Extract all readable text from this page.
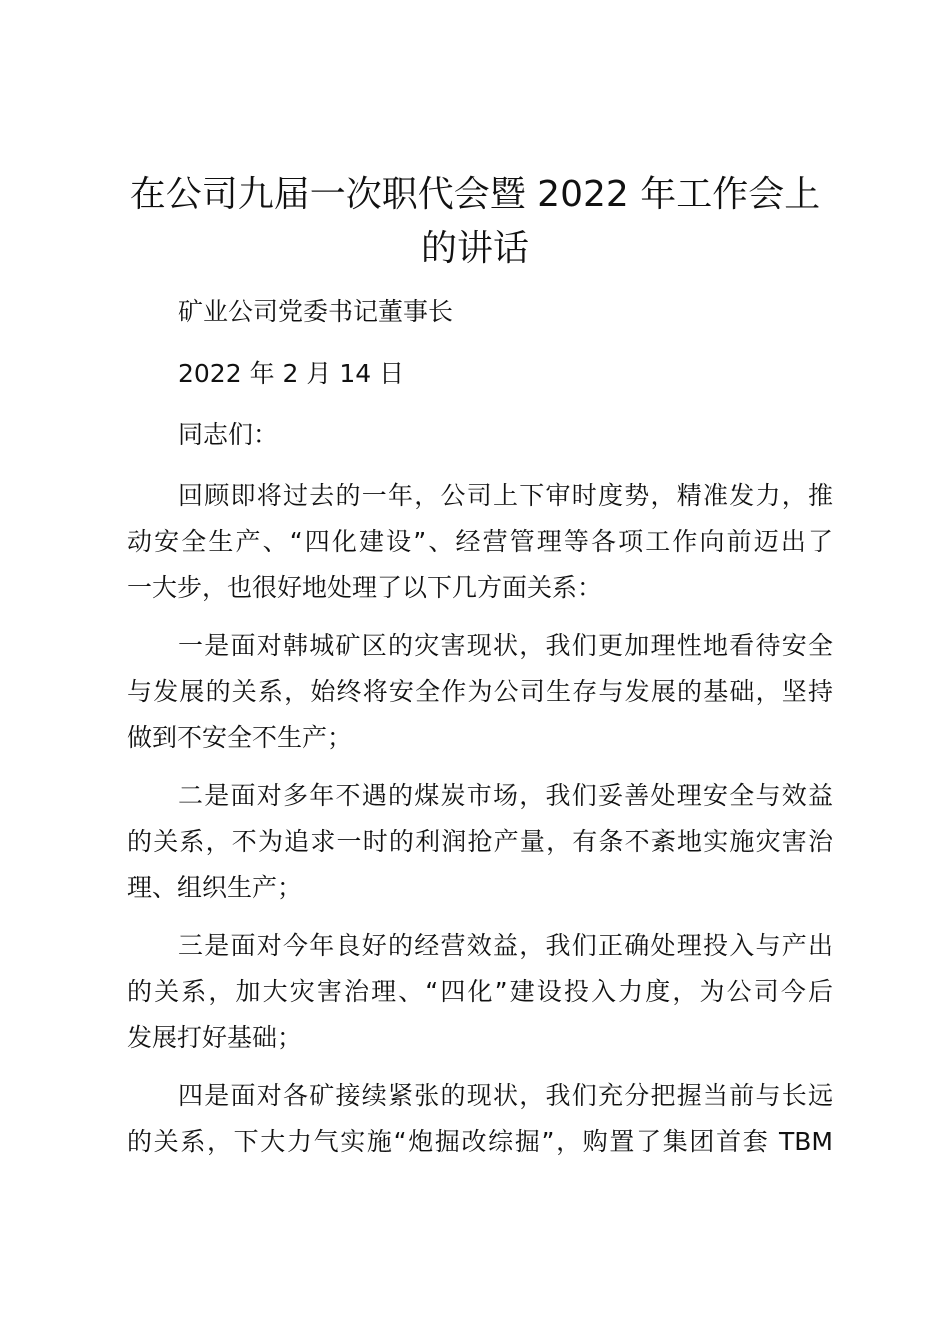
在公司九届一次职代会暨 2022 年工作会上
的讲话

矿业公司党委书记董事长

2022 年 2 月 14 日

同志们：

回顾即将过去的一年，公司上下审时度势，精准发力，推

动安全生产、“四化建设”、经营管理等各项工作向前迈出了

一大步，也很好地处理了以下几方面关系：

一是面对韩城矿区的灾害现状，我们更加理性地看待安全

与发展的关系，始终将安全作为公司生存与发展的基础，坚持

做到不安全不生产；

二是面对多年不遇的煤炭市场，我们妥善处理安全与效益

的关系，不为追求一时的利润抢产量，有条不紊地实施灾害治

理、组织生产；

三是面对今年良好的经营效益，我们正确处理投入与产出

的关系，加大灾害治理、“四化”建设投入力度，为公司今后

发展打好基础；

四是面对各矿接续紧张的现状，我们充分把握当前与长远

的关系，下大力气实施“炮掘改综掘”，购置了集团首套 TBM
